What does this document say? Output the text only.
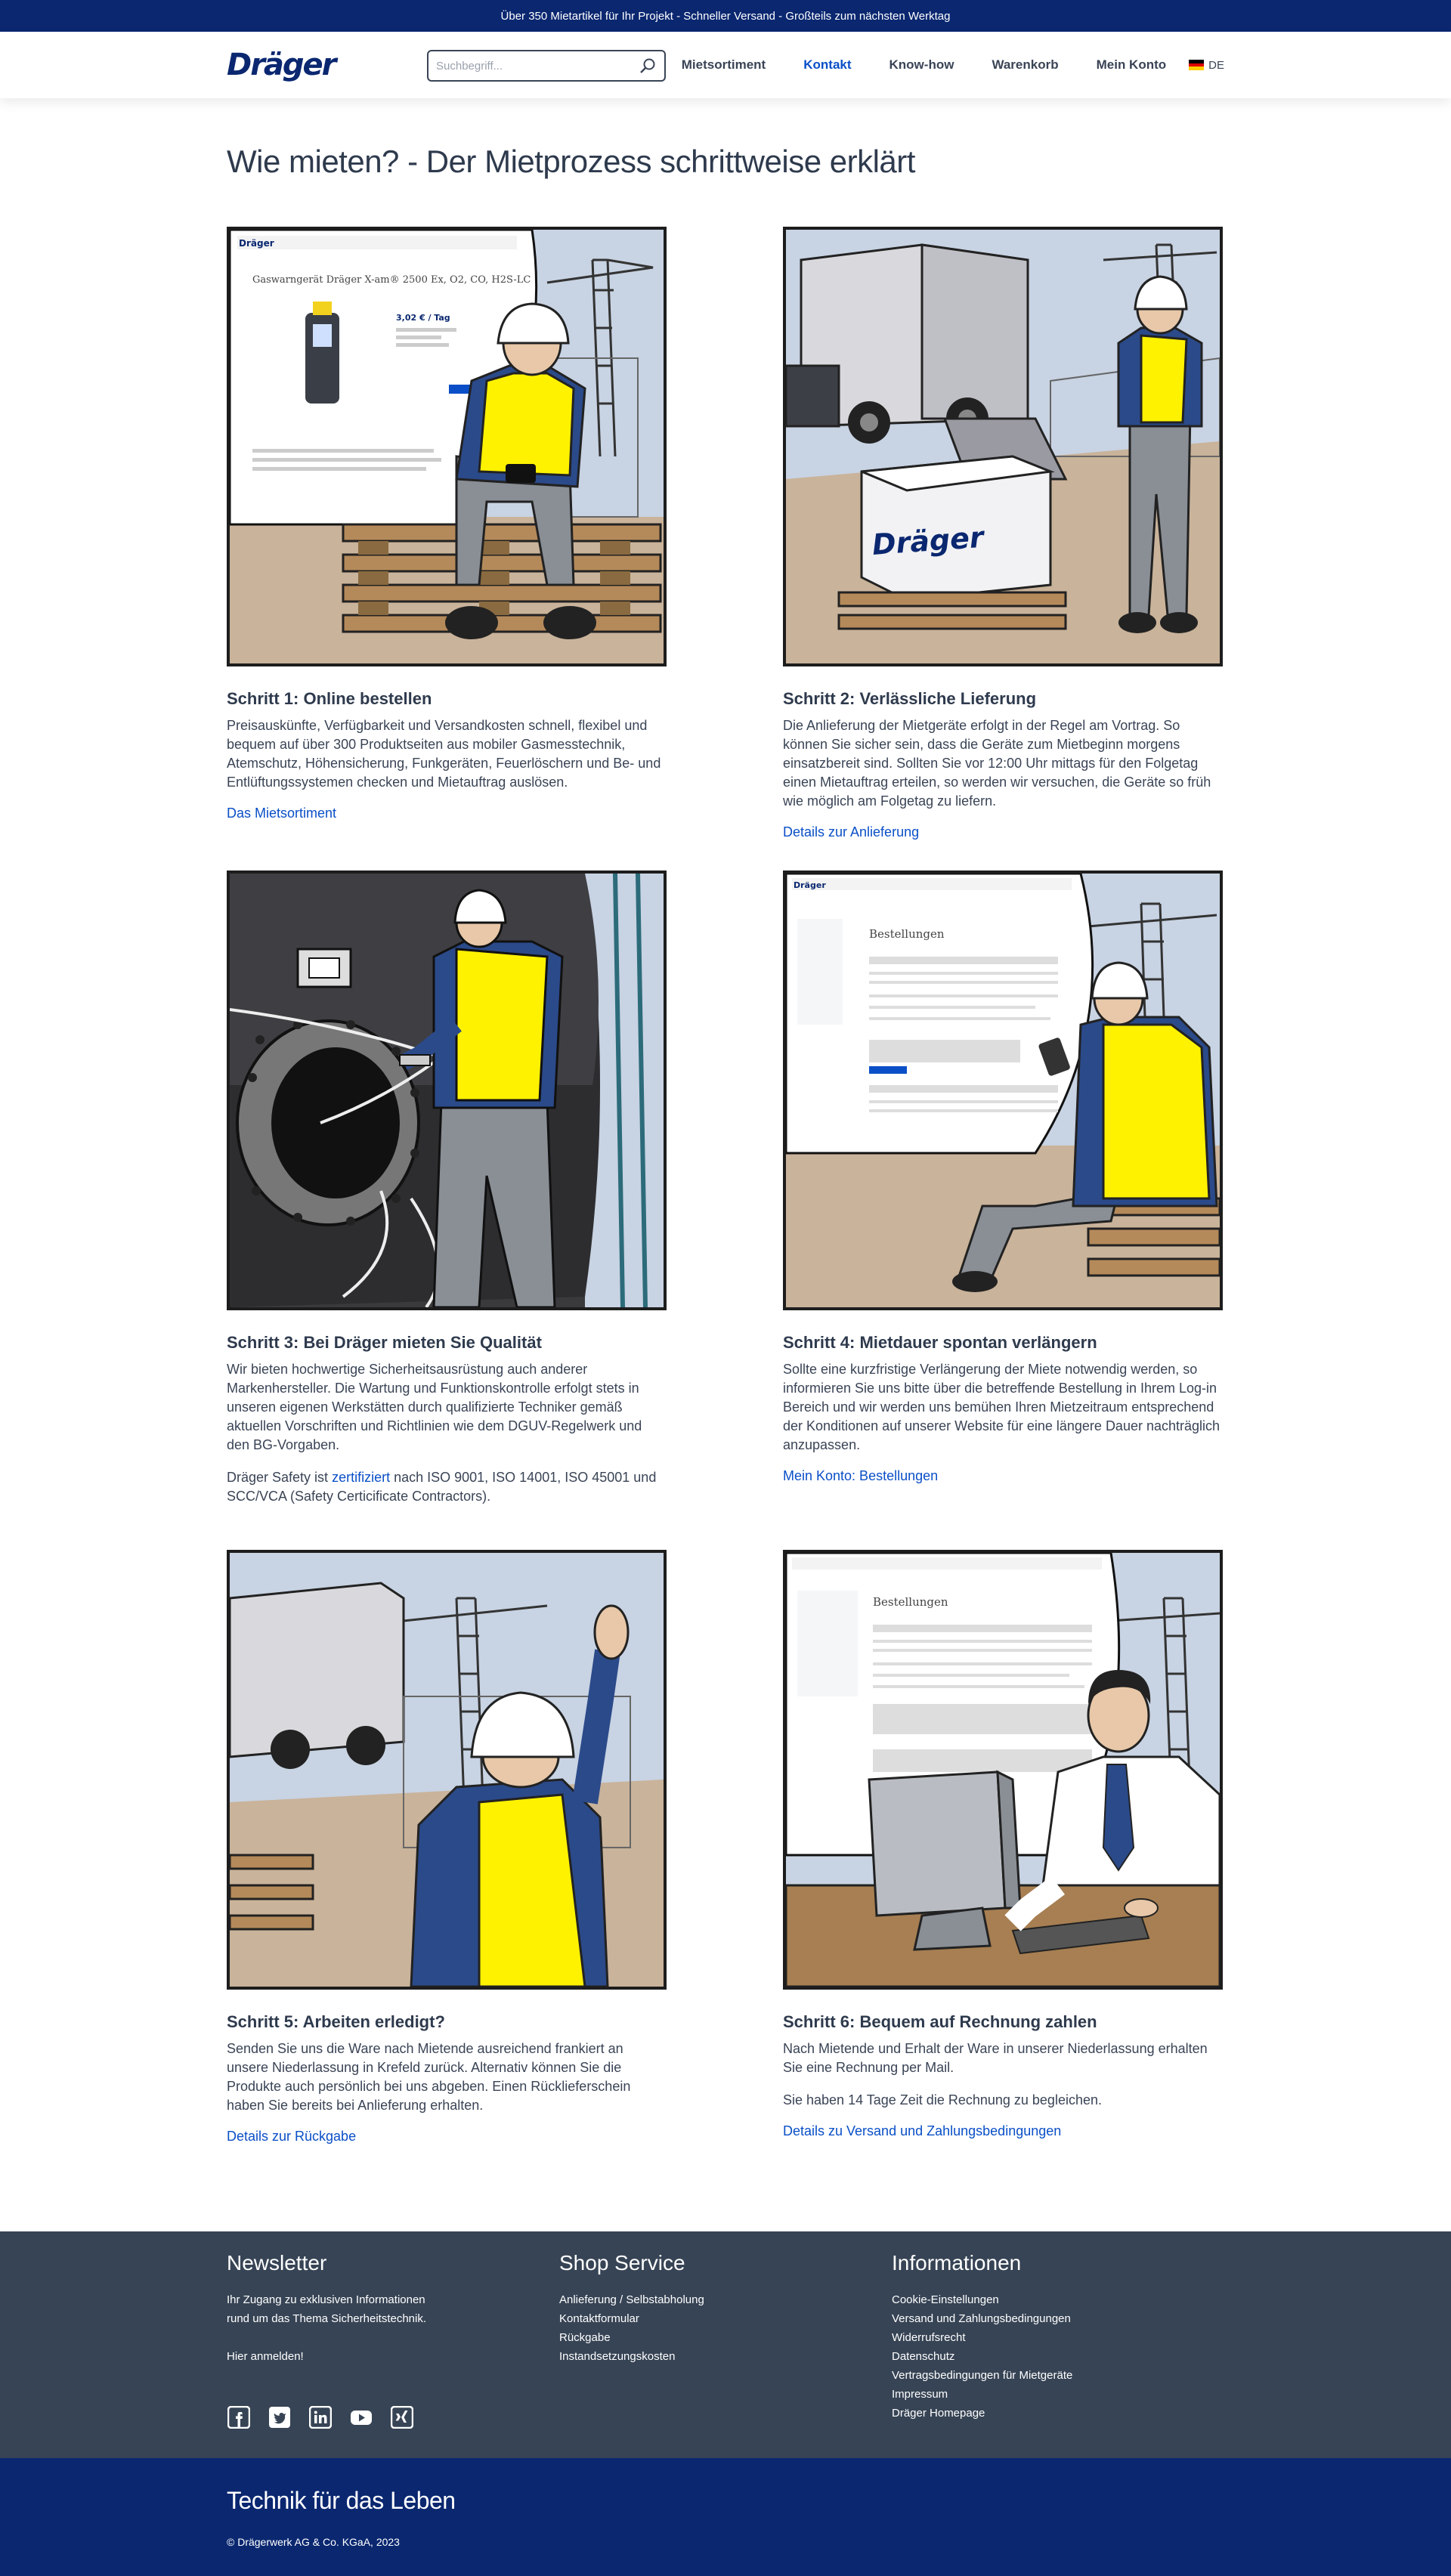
Über 350 Mietartikel für Ihr Projekt - Schneller Versand - Großteils zum nächsten Werktag
Dräger
Suchbegriff...	Mietsortiment	Kontakt	Know-how	Warenkorb	Mein Konto	DE
Wie mieten? - Der Mietprozess schrittweise erklärt
Dräger
Gaswarngerät Dräger X-am® 2500 Ex, O2, CO, H2S-LC
3,02 € / Tag
Schritt 1: Online bestellen

Preisauskünfte, Verfügbarkeit und Versandkosten schnell, flexibel und bequem auf über 300 Produktseiten aus mobiler Gasmesstechnik, Atemschutz, Höhensicherung, Funkgeräten, Feuerlöschern und Be- und Entlüftungssystemen checken und Mietauftrag auslösen.

Das Mietsortiment
Dräger
Schritt 2: Verlässliche Lieferung

Die Anlieferung der Mietgeräte erfolgt in der Regel am Vortrag. So können Sie sicher sein, dass die Geräte zum Mietbeginn morgens einsatzbereit sind. Sollten Sie vor 12:00 Uhr mittags für den Folgetag einen Mietauftrag erteilen, so werden wir versuchen, die Geräte so früh wie möglich am Folgetag zu liefern.

Details zur Anlieferung
Schritt 3: Bei Dräger mieten Sie Qualität

Wir bieten hochwertige Sicherheitsausrüstung auch anderer Markenhersteller. Die Wartung und Funktionskontrolle erfolgt stets in unseren eigenen Werkstätten durch qualifizierte Techniker gemäß aktuellen Vorschriften und Richtlinien wie dem DGUV-Regelwerk und den BG-Vorgaben.

Dräger Safety ist zertifiziert nach ISO 9001, ISO 14001, ISO 45001 und SCC/VCA (Safety Certicificate Contractors).

Dräger
Bestellungen
Schritt 4: Mietdauer spontan verlängern

Sollte eine kurzfristige Verlängerung der Miete notwendig werden, so informieren Sie uns bitte über die betreffende Bestellung in Ihrem Log-in Bereich und wir werden uns bemühen Ihren Mietzeitraum entsprechend der Konditionen auf unserer Website für eine längere Dauer nachträglich anzupassen.

Mein Konto: Bestellungen
Schritt 5: Arbeiten erledigt?

Senden Sie uns die Ware nach Mietende ausreichend frankiert an unsere Niederlassung in Krefeld zurück. Alternativ können Sie die Produkte auch persönlich bei uns abgeben. Einen Rücklieferschein haben Sie bereits bei Anlieferung erhalten.

Details zur Rückgabe
Bestellungen
Schritt 6: Bequem auf Rechnung zahlen

Nach Mietende und Erhalt der Ware in unserer Niederlassung erhalten Sie eine Rechnung per Mail.

Sie haben 14 Tage Zeit die Rechnung zu begleichen.

Details zu Versand und Zahlungsbedingungen
Newsletter

Ihr Zugang zu exklusiven Informationen

rund um das Thema Sicherheitstechnik.

Hier anmelden!

Shop Service
Anlieferung / Selbstabholung
Kontaktformular
Rückgabe
Instandsetzungskosten
Informationen
Cookie-Einstellungen
Versand und Zahlungsbedingungen
Widerrufsrecht
Datenschutz
Vertragsbedingungen für Mietgeräte
Impressum
Dräger Homepage
Technik für das Leben
© Drägerwerk AG & Co. KGaA, 2023
